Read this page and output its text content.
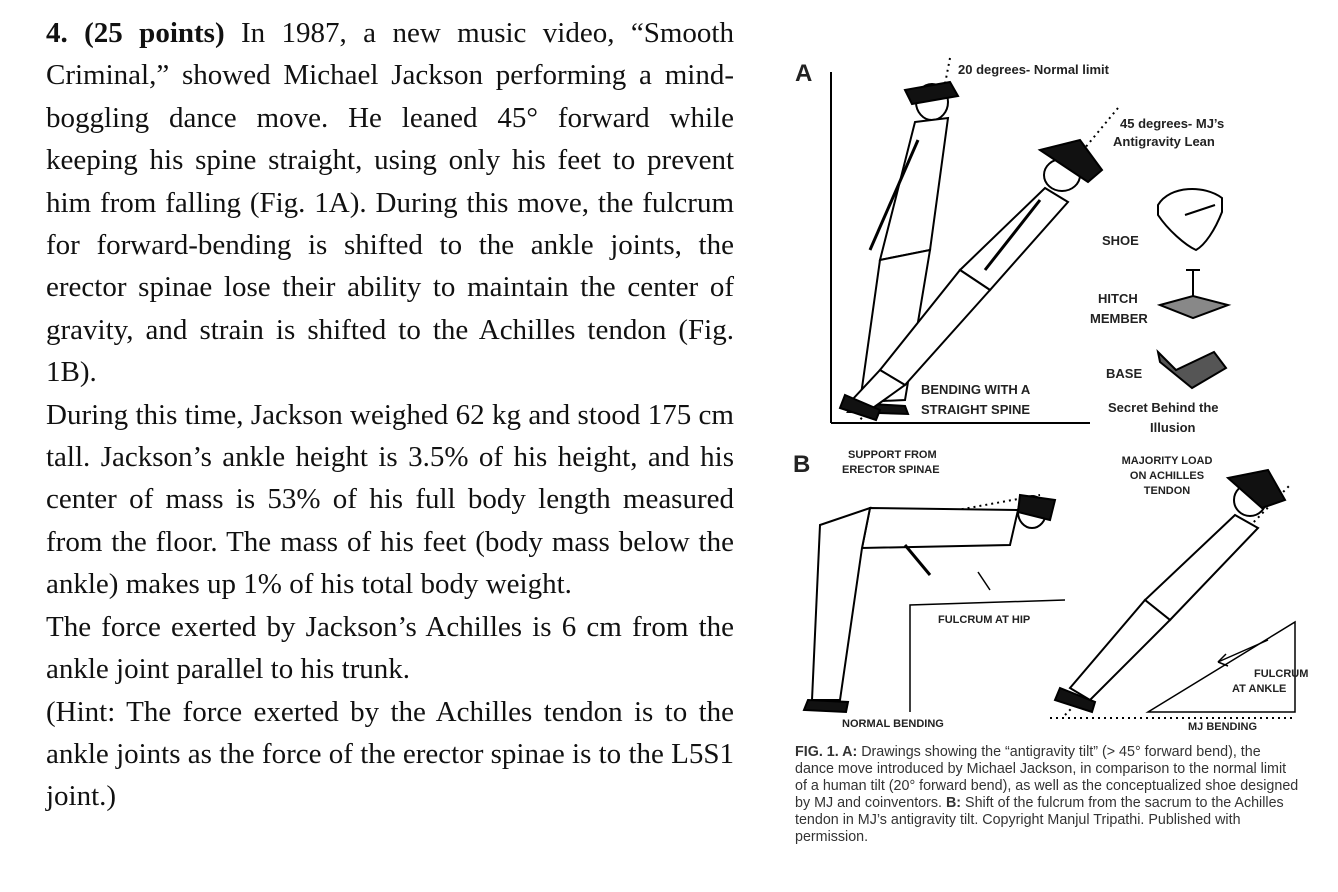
4. (25 points) In 1987, a new music video, “Smooth Criminal,” showed Michael Jackson performing a mind-boggling dance move. He leaned 45° forward while keeping his spine straight, using only his feet to prevent him from falling (Fig. 1A). During this move, the fulcrum for forward-bending is shifted to the ankle joints, the erector spinae lose their ability to maintain the center of gravity, and strain is shifted to the Achilles tendon (Fig. 1B).

During this time, Jackson weighed 62 kg and stood 175 cm tall. Jackson’s ankle height is 3.5% of his height, and his center of mass is 53% of his full body length measured from the floor. The mass of his feet (body mass below the ankle) makes up 1% of his total body weight.

The force exerted by Jackson’s Achilles is 6 cm from the ankle joint parallel to his trunk.

(Hint: The force exerted by the Achilles tendon is to the ankle joints as the force of the erector spinae is to the L5S1 joint.)

A	20 degrees- Normal limit
45 degrees- MJ’s
Antigravity Lean
SHOE
HITCH
MEMBER
BASE
BENDING WITH A
STRAIGHT SPINE	Secret Behind the
Illusion
B	SUPPORT FROM
ERECTOR SPINAE
MAJORITY LOAD
ON ACHILLES
TENDON
FULCRUM AT HIP
FULCRUM
AT ANKLE
NORMAL BENDING	MJ BENDING
FIG. 1. A: Drawings showing the “antigravity tilt” (> 45° forward bend), the dance move introduced by Michael Jackson, in comparison to the normal limit of a human tilt (20° forward bend), as well as the conceptualized shoe designed by MJ and coinventors. B: Shift of the fulcrum from the sacrum to the Achilles tendon in MJ’s antigravity tilt. Copyright Manjul Tripathi. Published with permission.
